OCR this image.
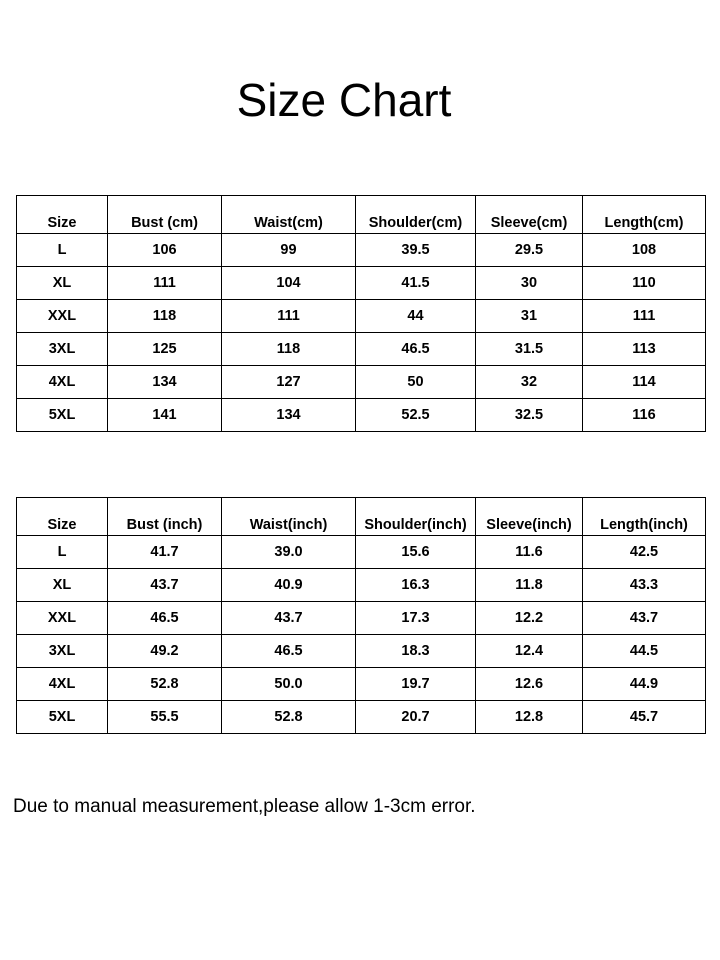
Size Chart
Size	Bust (cm)	Waist(cm)	Shoulder(cm)	Sleeve(cm)	Length(cm)
L	106	99	39.5	29.5	108
XL	111	104	41.5	30	110
XXL	118	111	44	31	111
3XL	125	118	46.5	31.5	113
4XL	134	127	50	32	114
5XL	141	134	52.5	32.5	116
Size	Bust (inch)	Waist(inch)	Shoulder(inch)	Sleeve(inch)	Length(inch)
L	41.7	39.0	15.6	11.6	42.5
XL	43.7	40.9	16.3	11.8	43.3
XXL	46.5	43.7	17.3	12.2	43.7
3XL	49.2	46.5	18.3	12.4	44.5
4XL	52.8	50.0	19.7	12.6	44.9
5XL	55.5	52.8	20.7	12.8	45.7
Due to manual measurement,please allow 1-3cm error.
